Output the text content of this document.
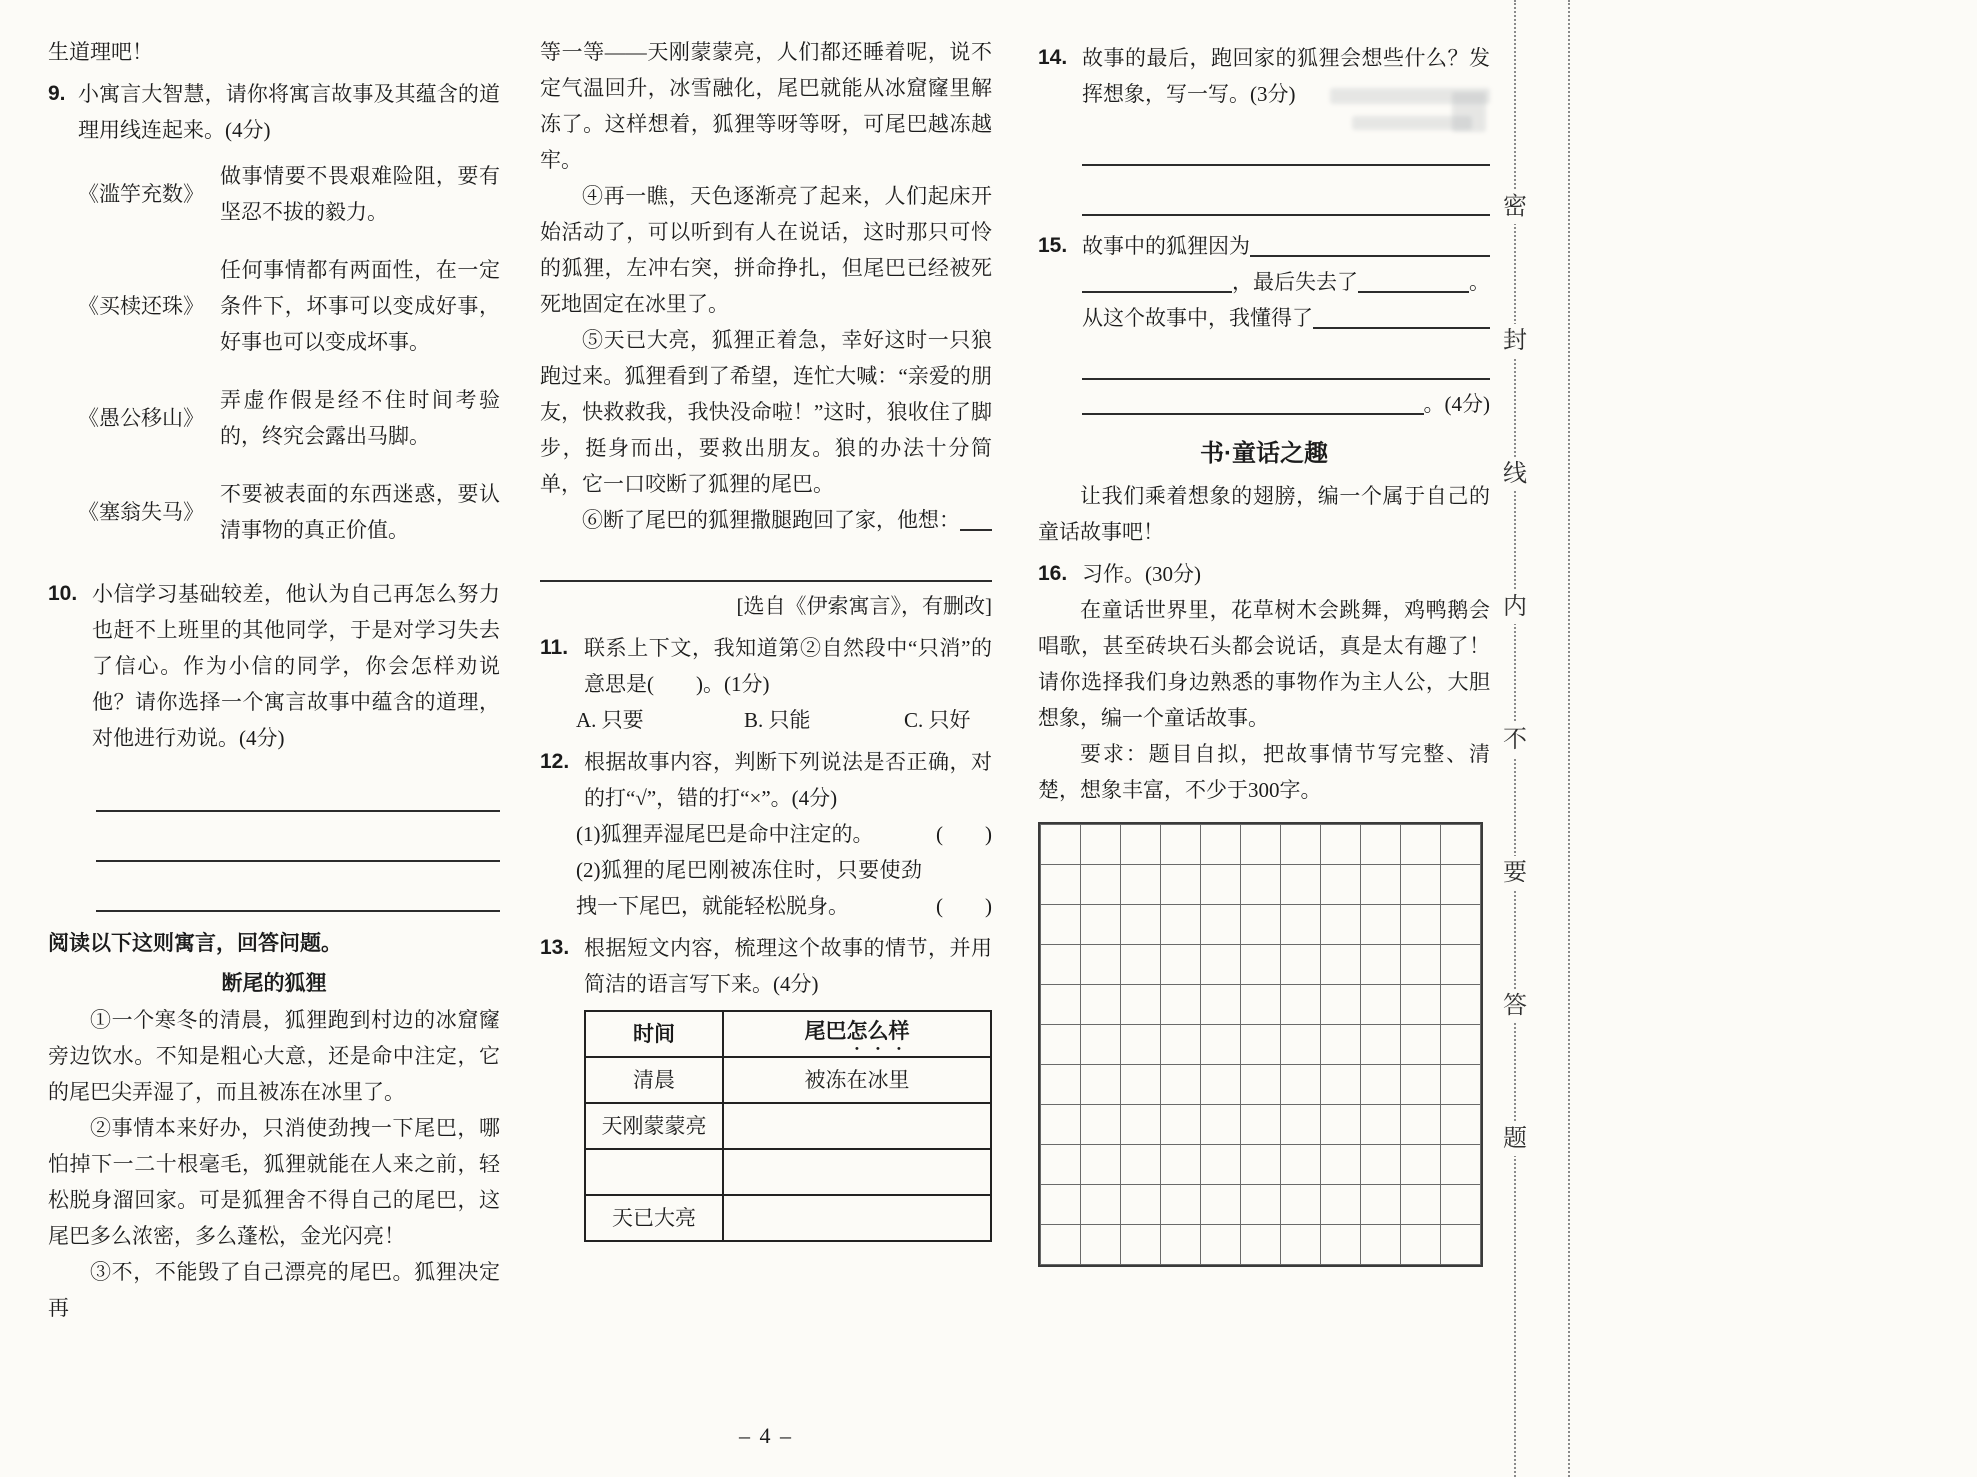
生道理吧！
9. 小寓言大智慧，请你将寓言故事及其蕴含的道理用线连起来。(4分)
《滥竽充数》
做事情要不畏艰难险阻，要有坚忍不拔的毅力。
《买椟还珠》
任何事情都有两面性，在一定条件下，坏事可以变成好事，好事也可以变成坏事。
《愚公移山》
弄虚作假是经不住时间考验的，终究会露出马脚。
《塞翁失马》
不要被表面的东西迷惑，要认清事物的真正价值。
10. 小信学习基础较差，他认为自己再怎么努力也赶不上班里的其他同学，于是对学习失去了信心。作为小信的同学，你会怎样劝说他？请你选择一个寓言故事中蕴含的道理，对他进行劝说。(4分)
阅读以下这则寓言，回答问题。
断尾的狐狸
①一个寒冬的清晨，狐狸跑到村边的冰窟窿旁边饮水。不知是粗心大意，还是命中注定，它的尾巴尖弄湿了，而且被冻在冰里了。
②事情本来好办，只消使劲拽一下尾巴，哪怕掉下一二十根毫毛，狐狸就能在人来之前，轻松脱身溜回家。可是狐狸舍不得自己的尾巴，这尾巴多么浓密，多么蓬松，金光闪亮！
③不，不能毁了自己漂亮的尾巴。狐狸决定再
等一等——天刚蒙蒙亮，人们都还睡着呢，说不定气温回升，冰雪融化，尾巴就能从冰窟窿里解冻了。这样想着，狐狸等呀等呀，可尾巴越冻越牢。
④再一瞧，天色逐渐亮了起来，人们起床开始活动了，可以听到有人在说话，这时那只可怜的狐狸，左冲右突，拼命挣扎，但尾巴已经被死死地固定在冰里了。
⑤天已大亮，狐狸正着急，幸好这时一只狼跑过来。狐狸看到了希望，连忙大喊：“亲爱的朋友，快救救我，我快没命啦！”这时，狼收住了脚步，挺身而出，要救出朋友。狼的办法十分简单，它一口咬断了狐狸的尾巴。
⑥断了尾巴的狐狸撒腿跑回了家，他想：
[选自《伊索寓言》，有删改]
11. 联系上下文，我知道第②自然段中“只消”的意思是(　　)。(1分)
A. 只要	B. 只能	C. 只好
12. 根据故事内容，判断下列说法是否正确，对的打“√”，错的打“×”。(4分)
(1)狐狸弄湿尾巴是命中注定的。	(　　)
(2)狐狸的尾巴刚被冻住时，只要使劲拽一下尾巴，就能轻松脱身。	(　　)
13. 根据短文内容，梳理这个故事的情节，并用简洁的语言写下来。(4分)
时间	尾巴怎么样
清晨	被冻在冰里
天刚蒙蒙亮	

天已大亮	
14. 故事的最后，跑回家的狐狸会想些什么？发挥想象，写一写。(3分)
15. 故事中的狐狸因为
，最后失去了	。
从这个故事中，我懂得了
。(4分)
书·童话之趣
让我们乘着想象的翅膀，编一个属于自己的童话故事吧！
16. 习作。(30分)
在童话世界里，花草树木会跳舞，鸡鸭鹅会唱歌，甚至砖块石头都会说话，真是太有趣了！请你选择我们身边熟悉的事物作为主人公，大胆想象，编一个童话故事。
要求：题目自拟，把故事情节写完整、清楚，想象丰富，不少于300字。
密
封
线
内
不
要
答
题
– 4 –
